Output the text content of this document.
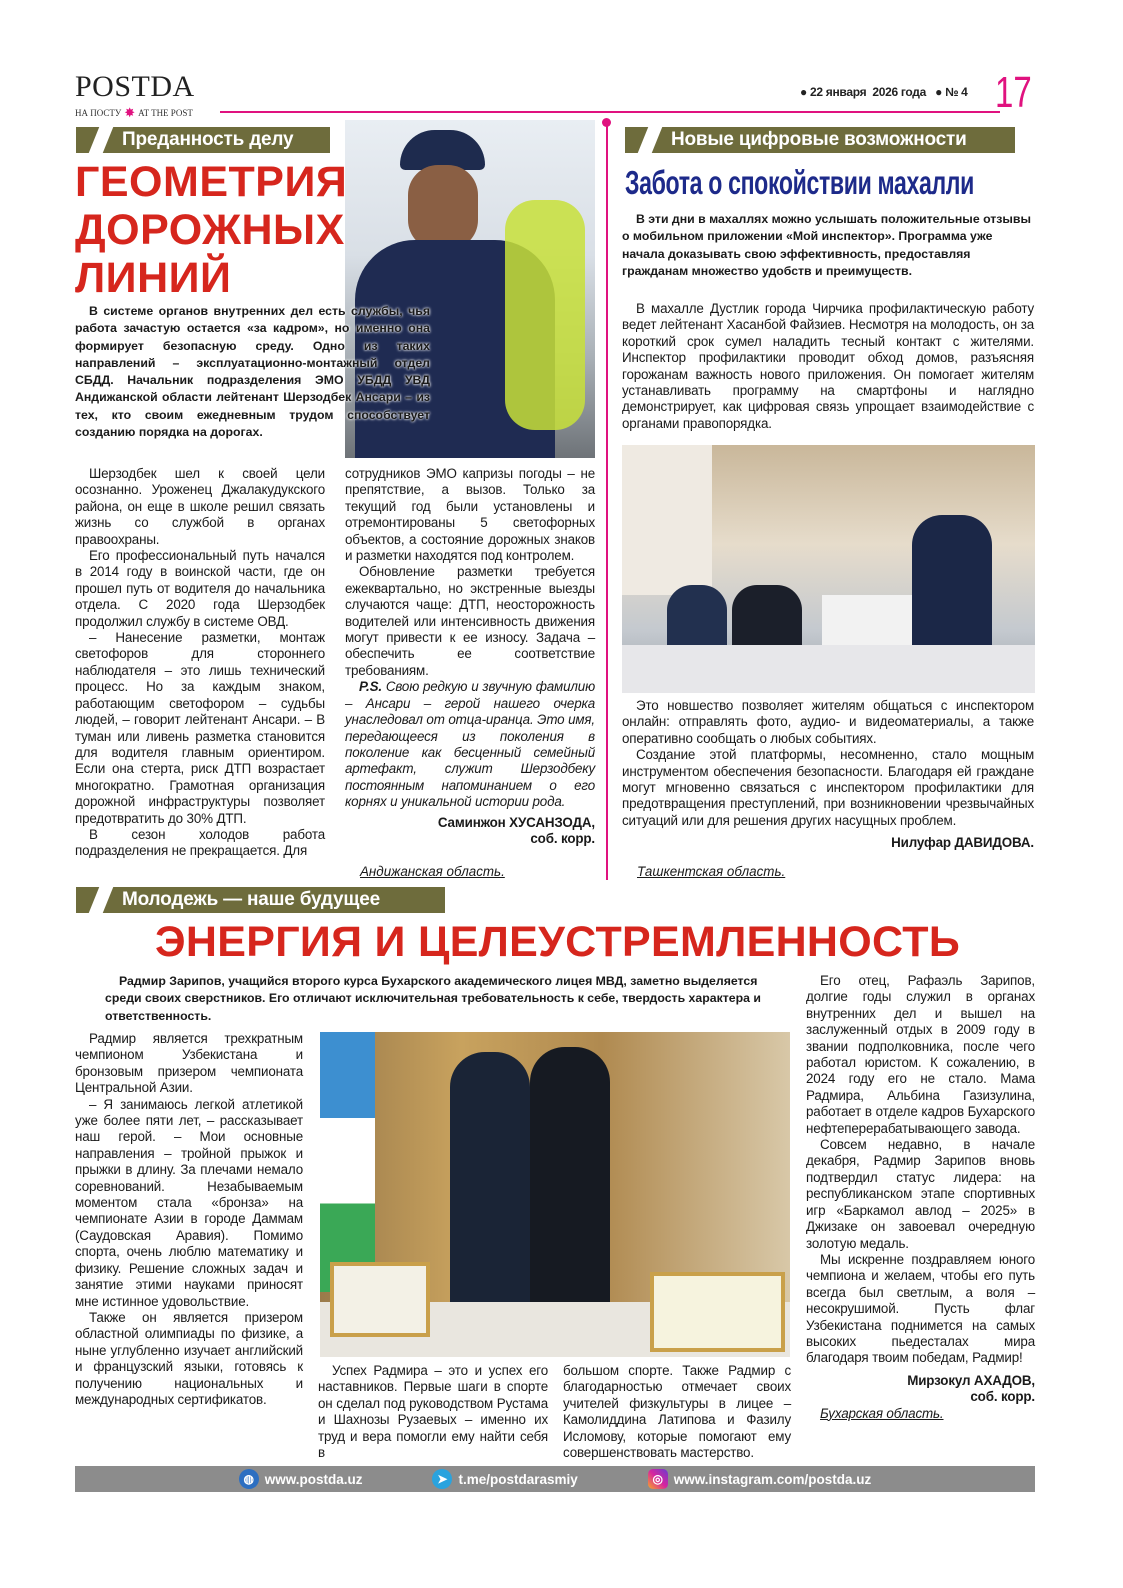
POSTDA
НА ПОСТУ ✸ AT THE POST
● 22 января  2026 года   ● № 4 17
Преданность делу
ГЕОМЕТРИЯ
ДОРОЖНЫХ
ЛИНИЙ
В системе органов внутренних дел есть службы, чья работа зачастую остается «за кадром», но именно она формирует безопасную среду. Одно из таких направлений – эксплуатационно-монтажный отдел СБДД. Начальник подразделения ЭМО УБДД УВД Андижанской области лейтенант Шерзодбек Ансари – из тех, кто своим ежедневным трудом способствует созданию порядка на дорогах.

Шерзодбек шел к своей цели осознанно. Уроженец Джалакудукского района, он еще в школе решил связать жизнь со службой в органах правоохраны.

Его профессиональный путь начался в 2014 году в воинской части, где он прошел путь от водителя до начальника отдела. С 2020 года Шерзодбек продолжил службу в системе ОВД.

– Нанесение разметки, монтаж светофоров для стороннего наблюдателя – это лишь технический процесс. Но за каждым знаком, работающим светофором – судьбы людей, – говорит лейтенант Ансари. – В туман или ливень разметка становится для водителя главным ориентиром. Если она стерта, риск ДТП возрастает многократно. Грамотная организация дорожной инфраструктуры позволяет предотвратить до 30% ДТП.

В сезон холодов работа подразделения не прекращается. Для

сотрудников ЭМО капризы погоды – не препятствие, а вызов. Только за текущий год были установлены и отремонтированы 5 светофорных объектов, а состояние дорожных знаков и разметки находятся под контролем.

Обновление разметки требуется ежеквартально, но экстренные выезды случаются чаще: ДТП, неосторожность водителей или интенсивность движения могут привести к ее износу. Задача – обеспечить ее соответствие требованиям.

P.S. Свою редкую и звучную фамилию – Ансари – герой нашего очерка унаследовал от отца-иранца. Это имя, передающееся из поколения в поколение как бесценный семейный артефакт, служит Шерзодбеку постоянным напоминанием о его корнях и уникальной истории рода.

Саминжон ХУСАНЗОДА,
соб. корр.
Андижанская область.
Новые цифровые возможности
Забота о спокойствии махалли
В эти дни в махаллях можно услышать положительные отзывы о мобильном приложении «Мой инспектор». Программа уже начала доказывать свою эффективность, предоставляя гражданам множество удобств и преимуществ.

В махалле Дустлик города Чирчика профилактическую работу ведет лейтенант Хасанбой Файзиев. Несмотря на молодость, он за короткий срок сумел наладить тесный контакт с жителями. Инспектор профилактики проводит обход домов, разъясняя горожанам важность нового приложения. Он помогает жителям устанавливать программу на смартфоны и наглядно демонстрирует, как цифровая связь упрощает взаимодействие с органами правопорядка.

Это новшество позволяет жителям общаться с инспектором онлайн: отправлять фото, аудио- и видеоматериалы, а также оперативно сообщать о любых событиях.

Создание этой платформы, несомненно, стало мощным инструментом обеспечения безопасности. Благодаря ей граждане могут мгновенно связаться с инспектором профилактики для предотвращения преступлений, при возникновении чрезвычайных ситуаций или для решения других насущных проблем.

Нилуфар ДАВИДОВА.
Ташкентская область.
Молодежь — наше будущее
ЭНЕРГИЯ И ЦЕЛЕУСТРЕМЛЕННОСТЬ
Радмир Зарипов, учащийся второго курса Бухарского академического лицея МВД, заметно выделяется среди своих сверстников. Его отличают исключительная требовательность к себе, твердость характера и ответственность.

Радмир является трехкратным чемпионом Узбекистана и бронзовым призером чемпионата Центральной Азии.

– Я занимаюсь легкой атлетикой уже более пяти лет, – рассказывает наш герой. – Мои основные направления – тройной прыжок и прыжки в длину. За плечами немало соревнований. Незабываемым моментом стала «бронза» на чемпионате Азии в городе Даммам (Саудовская Аравия). Помимо спорта, очень люблю математику и физику. Решение сложных задач и занятие этими науками приносят мне истинное удовольствие.

Также он является призером областной олимпиады по физике, а ныне углубленно изучает английский и французский языки, готовясь к получению национальных и международных сертификатов.

Успех Радмира – это и успех его наставников. Первые шаги в спорте он сделал под руководством Рустама и Шахнозы Рузаевых – именно их труд и вера помогли ему найти себя в

большом спорте. Также Радмир с благодарностью отмечает своих учителей физкультуры в лицее – Камолиддина Латипова и Фазилу Исломову, которые помогают ему совершенствовать мастерство.

Его отец, Рафаэль Зарипов, долгие годы служил в органах внутренних дел и вышел на заслуженный отдых в 2009 году в звании подполковника, после чего работал юристом. К сожалению, в 2024 году его не стало. Мама Радмира, Альбина Газизулина, работает в отделе кадров Бухарского нефтеперерабатывающего завода.

Совсем недавно, в начале декабря, Радмир Зарипов вновь подтвердил статус лидера: на республиканском этапе спортивных игр «Баркамол авлод – 2025» в Джизаке он завоевал очередную золотую медаль.

Мы искренне поздравляем юного чемпиона и желаем, чтобы его путь всегда был светлым, а воля – несокрушимой. Пусть флаг Узбекистана поднимется на самых высоких пьедесталах мира благодаря твоим победам, Радмир!

Мирзокул АХАДОВ,
соб. корр.
Бухарская область.
◍ www.postda.uz	➤ t.me/postdarasmiy	◎ www.instagram.com/postda.uz
